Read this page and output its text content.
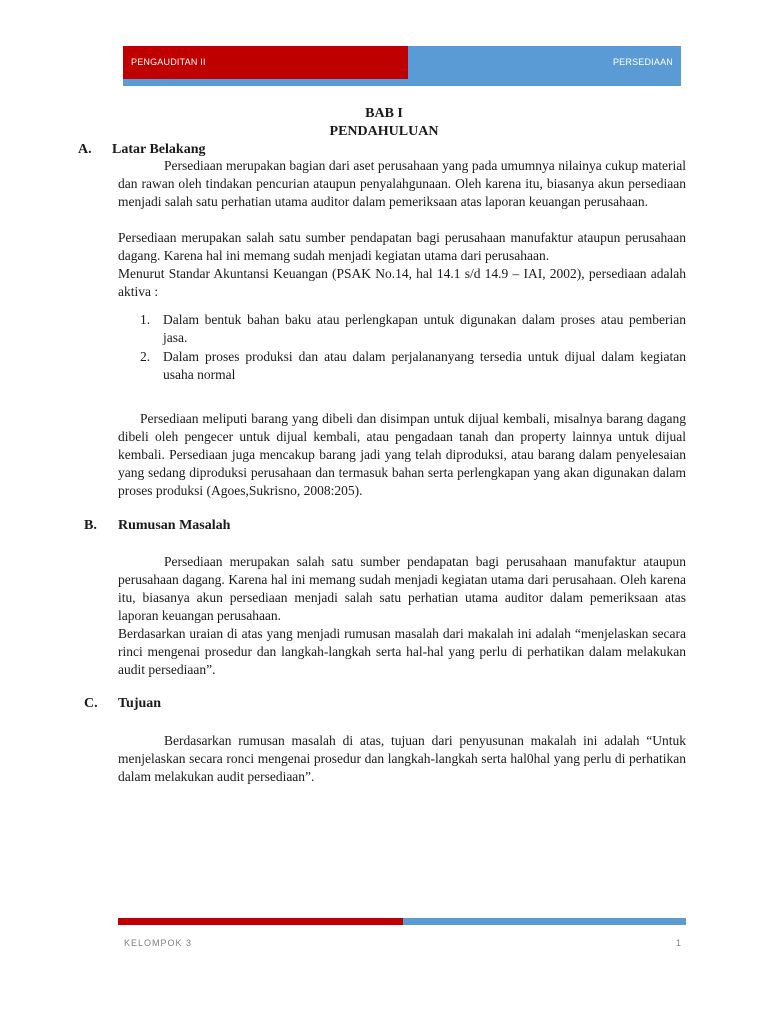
PENGAUDITAN II	PERSEDIAAN
BAB I
PENDAHULUAN
A. Latar Belakang

Persediaan merupakan bagian dari aset perusahaan yang pada umumnya nilainya cukup material dan rawan oleh tindakan pencurian ataupun penyalahgunaan. Oleh karena itu, biasanya akun persediaan menjadi salah satu perhatian utama auditor dalam pemeriksaan atas laporan keuangan perusahaan.

Persediaan merupakan salah satu sumber pendapatan bagi perusahaan manufaktur ataupun perusahaan dagang. Karena hal ini memang sudah menjadi kegiatan utama dari perusahaan.

Menurut Standar Akuntansi Keuangan (PSAK No.14, hal 14.1 s/d 14.9 – IAI, 2002), persediaan adalah aktiva :

1. Dalam bentuk bahan baku atau perlengkapan untuk digunakan dalam proses atau pemberian jasa.
2. Dalam proses produksi dan atau dalam perjalananyang tersedia untuk dijual dalam kegiatan usaha normal

Persediaan meliputi barang yang dibeli dan disimpan untuk dijual kembali, misalnya barang dagang dibeli oleh pengecer untuk dijual kembali, atau pengadaan tanah dan property lainnya untuk dijual kembali. Persediaan juga mencakup barang jadi yang telah diproduksi, atau barang dalam penyelesaian yang sedang diproduksi perusahaan dan termasuk bahan serta perlengkapan yang akan digunakan dalam proses produksi (Agoes,Sukrisno, 2008:205).

B. Rumusan Masalah

Persediaan merupakan salah satu sumber pendapatan bagi perusahaan manufaktur ataupun perusahaan dagang. Karena hal ini memang sudah menjadi kegiatan utama dari perusahaan. Oleh karena itu, biasanya akun persediaan menjadi salah satu perhatian utama auditor dalam pemeriksaan atas laporan keuangan perusahaan.

Berdasarkan uraian di atas yang menjadi rumusan masalah dari makalah ini adalah “menjelaskan secara rinci mengenai prosedur dan langkah-langkah serta hal-hal yang perlu di perhatikan dalam melakukan audit persediaan”.

C. Tujuan

Berdasarkan rumusan masalah di atas, tujuan dari penyusunan makalah ini adalah “Untuk menjelaskan secara ronci mengenai prosedur dan langkah-langkah serta hal0hal yang perlu di perhatikan dalam melakukan audit persediaan”.

KELOMPOK 3	1
